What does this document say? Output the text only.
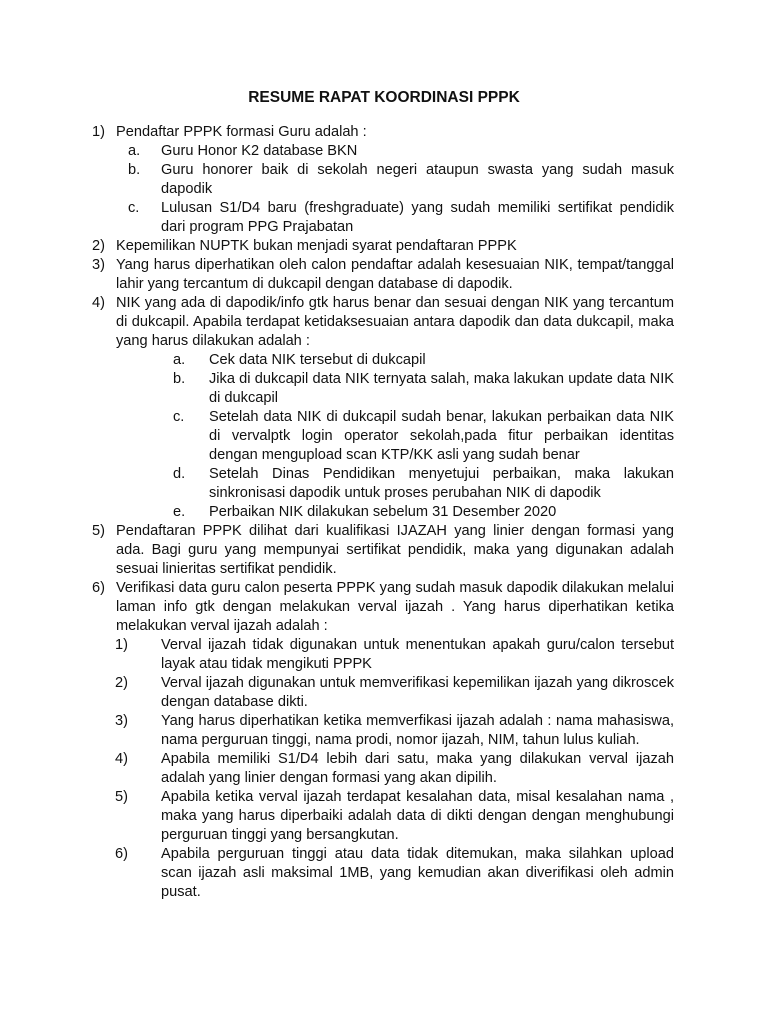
RESUME RAPAT KOORDINASI PPPK
1) Pendaftar PPPK formasi Guru adalah :
a. Guru Honor K2 database BKN
b. Guru honorer baik di sekolah negeri ataupun swasta yang sudah masuk dapodik
c. Lulusan S1/D4 baru (freshgraduate) yang sudah memiliki sertifikat pendidik dari program PPG Prajabatan
2) Kepemilikan NUPTK bukan menjadi syarat pendaftaran PPPK
3) Yang harus diperhatikan oleh calon pendaftar adalah kesesuaian NIK, tempat/tanggal lahir yang tercantum di dukcapil dengan database di dapodik.
4) NIK yang ada di dapodik/info gtk harus benar dan sesuai dengan NIK yang tercantum di dukcapil. Apabila terdapat ketidaksesuaian antara dapodik dan data dukcapil, maka yang harus dilakukan adalah :
a. Cek data NIK tersebut di dukcapil
b. Jika di dukcapil data NIK ternyata salah, maka lakukan update data NIK di dukcapil
c. Setelah data NIK di dukcapil sudah benar, lakukan perbaikan data NIK di vervalptk login operator sekolah,pada fitur perbaikan identitas dengan mengupload scan KTP/KK asli yang sudah benar
d. Setelah Dinas Pendidikan menyetujui perbaikan, maka lakukan sinkronisasi dapodik untuk proses perubahan NIK di dapodik
e. Perbaikan NIK dilakukan sebelum 31 Desember 2020
5) Pendaftaran PPPK dilihat dari kualifikasi IJAZAH yang linier dengan formasi yang ada. Bagi guru yang mempunyai sertifikat pendidik, maka yang digunakan adalah sesuai linieritas sertifikat pendidik.
6) Verifikasi data guru calon peserta PPPK yang sudah masuk dapodik dilakukan melalui laman info gtk dengan melakukan verval ijazah . Yang harus diperhatikan ketika melakukan verval ijazah adalah :
1) Verval ijazah tidak digunakan untuk menentukan apakah guru/calon tersebut layak atau tidak mengikuti PPPK
2) Verval ijazah digunakan untuk memverifikasi kepemilikan ijazah yang dikroscek dengan database dikti.
3) Yang harus diperhatikan ketika memverfikasi ijazah adalah : nama mahasiswa, nama perguruan tinggi, nama prodi, nomor ijazah, NIM, tahun lulus kuliah.
4) Apabila memiliki S1/D4 lebih dari satu, maka yang dilakukan verval ijazah adalah yang linier dengan formasi yang akan dipilih.
5) Apabila ketika verval ijazah terdapat kesalahan data, misal kesalahan nama , maka yang harus diperbaiki adalah data di dikti dengan dengan menghubungi perguruan tinggi yang bersangkutan.
6) Apabila perguruan tinggi atau data tidak ditemukan, maka silahkan upload scan ijazah asli maksimal 1MB, yang kemudian akan diverifikasi oleh admin pusat.
